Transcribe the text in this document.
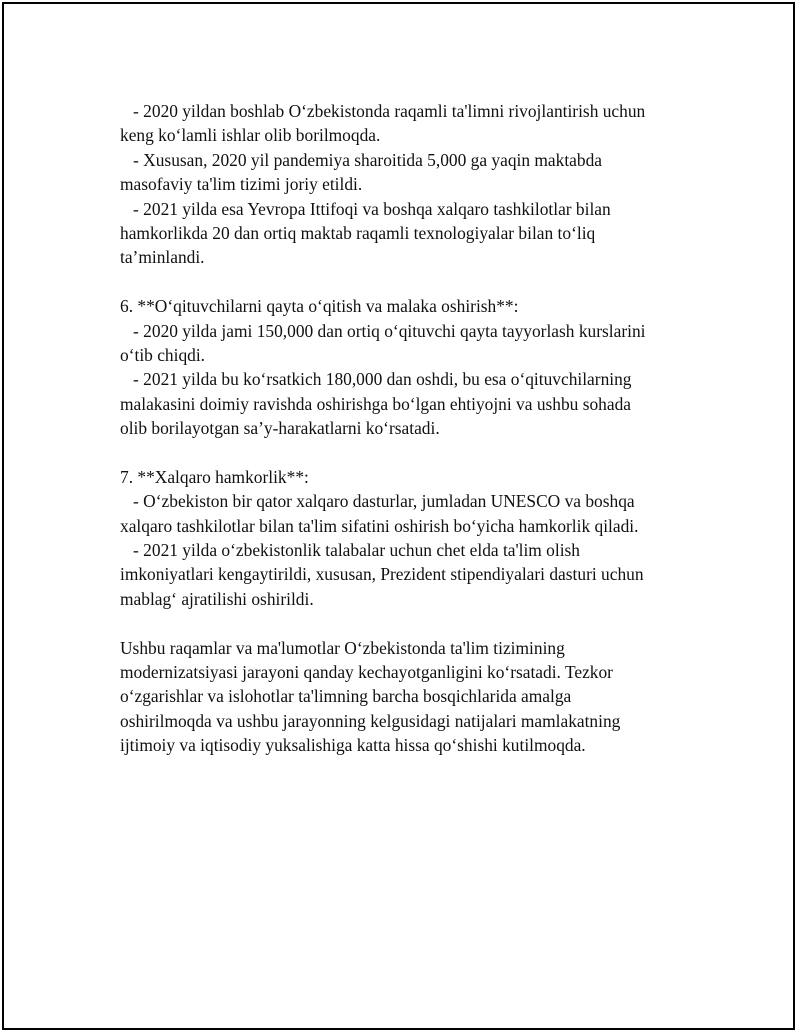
- 2020 yildan boshlab O‘zbekistonda raqamli ta'limni rivojlantirish uchun
keng ko‘lamli ishlar olib borilmoqda.
- Xususan, 2020 yil pandemiya sharoitida 5,000 ga yaqin maktabda
masofaviy ta'lim tizimi joriy etildi.
- 2021 yilda esa Yevropa Ittifoqi va boshqa xalqaro tashkilotlar bilan
hamkorlikda 20 dan ortiq maktab raqamli texnologiyalar bilan to‘liq
ta’minlandi.
6. **O‘qituvchilarni qayta o‘qitish va malaka oshirish**:
- 2020 yilda jami 150,000 dan ortiq o‘qituvchi qayta tayyorlash kurslarini
o‘tib chiqdi.
- 2021 yilda bu ko‘rsatkich 180,000 dan oshdi, bu esa o‘qituvchilarning
malakasini doimiy ravishda oshirishga bo‘lgan ehtiyojni va ushbu sohada
olib borilayotgan sa’y-harakatlarni ko‘rsatadi.
7. **Xalqaro hamkorlik**:
- O‘zbekiston bir qator xalqaro dasturlar, jumladan UNESCO va boshqa
xalqaro tashkilotlar bilan ta'lim sifatini oshirish bo‘yicha hamkorlik qiladi.
- 2021 yilda o‘zbekistonlik talabalar uchun chet elda ta'lim olish
imkoniyatlari kengaytirildi, xususan, Prezident stipendiyalari dasturi uchun
mablag‘ ajratilishi oshirildi.
Ushbu raqamlar va ma'lumotlar O‘zbekistonda ta'lim tizimining
modernizatsiyasi jarayoni qanday kechayotganligini ko‘rsatadi. Tezkor
o‘zgarishlar va islohotlar ta'limning barcha bosqichlarida amalga
oshirilmoqda va ushbu jarayonning kelgusidagi natijalari mamlakatning
ijtimoiy va iqtisodiy yuksalishiga katta hissa qo‘shishi kutilmoqda.
